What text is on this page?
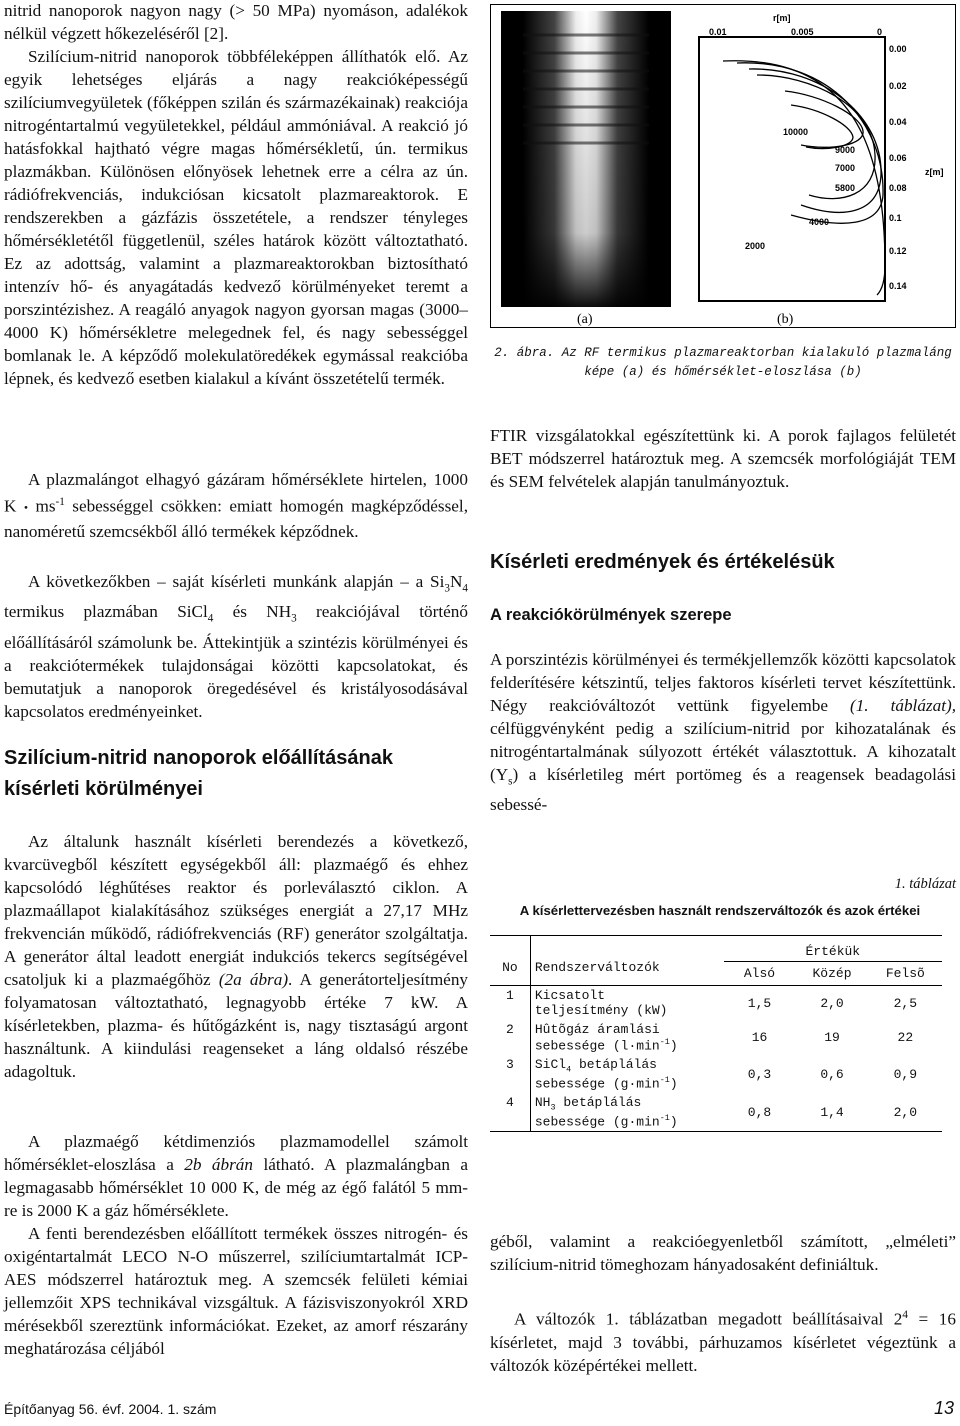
nitrid nanoporok nagyon nagy (> 50 MPa) nyomáson, adalékok nélkül végzett hőkezeléséről [2].

Szilícium-nitrid nanoporok többféleképpen állíthatók elő. Az egyik lehetséges eljárás a nagy reakcióképességű szilíciumvegyületek (főképpen szilán és származékainak) reakciója nitrogéntartalmú vegyületekkel, például ammóniával. A reakció jó hatásfokkal hajtható végre magas hőmérsékletű, ún. termikus plazmákban. Különösen előnyösek lehetnek erre a célra az ún. rádiófrekvenciás, indukciósan kicsatolt plazmareaktorok. E rendszerekben a gázfázis összetétele, a rendszer tényleges hőmérsékletétől függetlenül, széles határok között változtatható. Ez az adottság, valamint a plazmareaktorokban biztosítható intenzív hő- és anyagátadás kedvező körülményeket teremt a porszintézishez. A reagáló anyagok nagyon gyorsan magas (3000–4000 K) hőmérsékletre melegednek fel, és nagy sebességgel bomlanak le. A képződő molekulatöredékek egymással reakcióba lépnek, és kedvező esetben kialakul a kívánt összetételű termék.

A plazmalángot elhagyó gázáram hőmérséklete hirtelen, 1000 K • $ms^{-1}$ sebességgel csökken: emiatt homogén magképződéssel, nanoméretű szemcsékből álló termékek képződnek.

A következőkben – saját kísérleti munkánk alapján – a $Si_3N_4$ termikus plazmában SiCl$_4$ és $NH_3$ reakciójával történő előállításáról számolunk be. Áttekintjük a szintézis körülményei és a reakciótermékek tulajdonságai közötti kapcsolatokat, és bemutatjuk a nanoporok öregedésével és kristályosodásával kapcsolatos eredményeinket.

Szilícium-nitrid nanoporok előállításának kísérleti körülményei

Az általunk használt kísérleti berendezés a következő, kvarcüvegből készített egységekből áll: plazmaégő és ehhez kapcsolódó léghűtéses reaktor és porleválasztó ciklon. A plazmaállapot kialakításához szükséges energiát a 27,17 MHz frekvencián működő, rádiófrekvenciás (RF) generátor szolgáltatja. A generátor által leadott energiát indukciós tekercs segítségével csatoljuk ki a plazmaégőhöz (2a ábra). A generátorteljesítmény folyamatosan változtatható, legnagyobb értéke 7 kW. A kísérletekben, plazma- és hűtőgázként is, nagy tisztaságú argont használtunk. A kiindulási reagenseket a láng oldalsó részébe adagoltuk.

A plazmaégő kétdimenziós plazmamodellel számolt hőmérséklet-eloszlása a 2b ábrán látható. A plazmalángban a legmagasabb hőmérséklet 10 000 K, de még az égő falától 5 mm-re is 2000 K a gáz hőmérséklete.

A fenti berendezésben előállított termékek összes nitrogén- és oxigéntartalmát LECO N-O műszerrel, szilíciumtartalmát ICP-AES módszerrel határoztuk meg. A szemcsék felületi kémiai jellemzőit XPS technikával vizsgáltuk. A fázisviszonyokról XRD mérésekből szereztünk információkat. Ezeket, az amorf részarány meghatározása céljából

r[m]
0.01	0.005	0
0.00
0.02
0.04
0.06
0.08
0.1
0.12
0.14
z[m]
10000
9000
7000
5800
4000
2000
(a)	(b)
2. ábra. Az RF termikus plazmareaktorban kialakuló plazmaláng
képe (a) és hőmérséklet-eloszlása (b)

FTIR vizsgálatokkal egészítettünk ki. A porok fajlagos felületét BET módszerrel határoztuk meg. A szemcsék morfológiáját TEM és SEM felvételek alapján tanulmányoztuk.

Kísérleti eredmények és értékelésük
A reakciókörülmények szerepe

A porszintézis körülményei és termékjellemzők közötti kapcsolatok felderítésére kétszintű, teljes faktoros kísérleti tervet készítettünk. Négy reakcióváltozót vettünk figyelembe (1. táblázat), célfüggvényként pedig a szilícium-nitrid por kihozatalának és nitrogéntartalmának súlyozott értékét választottuk. A kihozatalt $(Y_s)$ a kísérletileg mért portömeg és a reagensek beadagolási sebessé-

1. táblázat
A kísérlettervezésben használt rendszerváltozók és azok értékei
No	Rendszerváltozók	Értékük		
		Alsó	Közép	Felsõ
1	Kicsatolt
teljesítmény (kW)	1,5	2,0	2,5
2	Hûtõgáz áramlási
sebessége $(l\cdot\min^{-1})$	16	19	22
3	SiCl$_4$ betáplálás
sebessége $(g\cdot\min^{-1})$	0,3	0,6	0,9
4	$NH_3$ betáplálás
sebessége $(g\cdot\min^{-1})$	0,8	1,4	2,0

géből, valamint a reakcióegyenletből számított, „elméleti” szilícium-nitrid tömeghozam hányadosaként definiáltuk.

A változók 1. táblázatban megadott beállításaival $2^4 = 16$ kísérletet, majd 3 további, párhuzamos kísérletet végeztünk a változók középértékei mellett.

Építőanyag 56. évf. 2004. 1. szám	13
